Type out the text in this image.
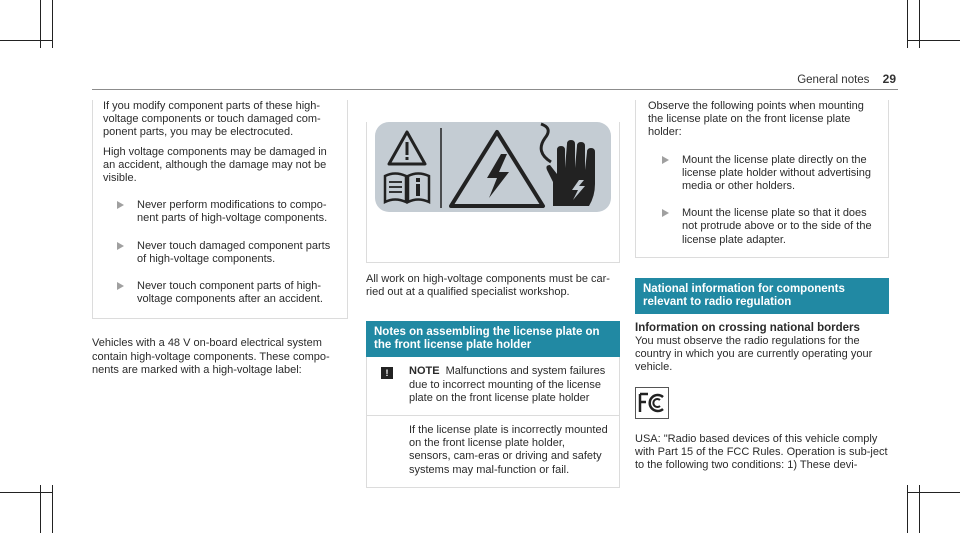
General notes 29
If you modify component parts of these high-voltage components or touch damaged com-ponent parts, you may be electrocuted.
High voltage components may be damaged in an accident, although the damage may not be visible.
Never perform modifications to compo-nent parts of high-voltage components.
Never touch damaged component parts of high-voltage components.
Never touch component parts of high-voltage components after an accident.
Vehicles with a 48 V on-board electrical system contain high-voltage components. These compo-nents are marked with a high-voltage label:
All work on high-voltage components must be car-ried out at a qualified specialist workshop.
Notes on assembling the license plate on the front license plate holder
!	NOTE Malfunctions and system failures due to incorrect mounting of the license plate on the front license plate holder
If the license plate is incorrectly mounted on the front license plate holder, sensors, cam-eras or driving and safety systems may mal-function or fail.
Observe the following points when mounting the license plate on the front license plate holder:
Mount the license plate directly on the license plate holder without advertising media or other holders.
Mount the license plate so that it does not protrude above or to the side of the license plate adapter.
National information for components relevant to radio regulation
Information on crossing national borders
You must observe the radio regulations for the country in which you are currently operating your vehicle.
USA: "Radio based devices of this vehicle comply with Part 15 of the FCC Rules. Operation is sub-ject to the following two conditions: 1) These devi-
